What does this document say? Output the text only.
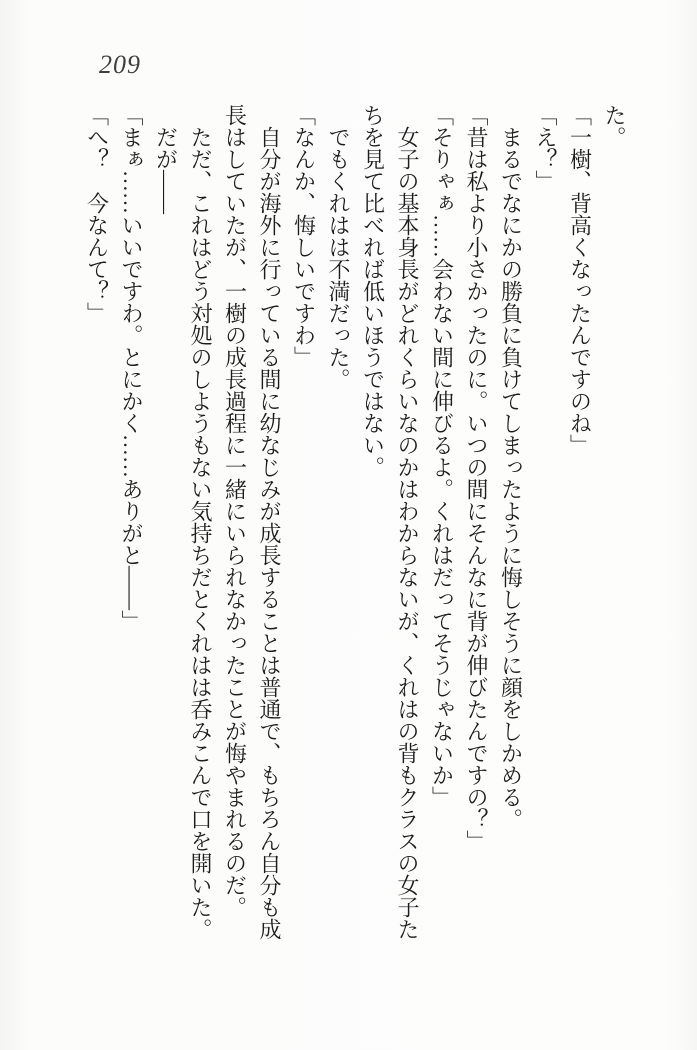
209

た。

「一樹、背高くなったんですのね」

「え？」

まるでなにかの勝負に負けてしまったように悔しそうに顔をしかめる。

「昔は私より小さかったのに。いつの間にそんなに背が伸びたんですの？」

「そりゃぁ……会わない間に伸びるよ。くれはだってそうじゃないか」

女子の基本身長がどれくらいなのかはわからないが、くれはの背もクラスの女子た

ちを見て比べれば低いほうではない。

でもくれはは不満だった。

「なんか、悔しいですわ」

自分が海外に行っている間に幼なじみが成長することは普通で、もちろん自分も成

長はしていたが、一樹の成長過程に一緒にいられなかったことが悔やまれるのだ。

ただ、これはどう対処のしようもない気持ちだとくれはは呑みこんで口を開いた。

だが――

「まぁ……いいですわ。とにかく……ありがと――」

「へ？　今なんて？」
